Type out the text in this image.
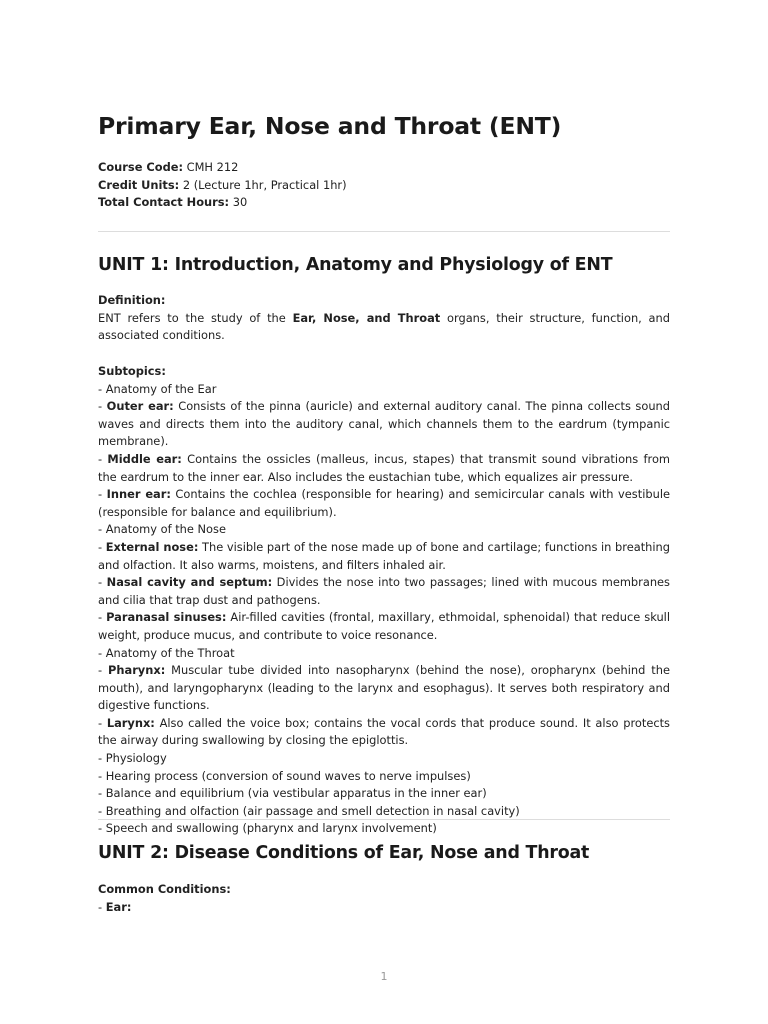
Primary Ear, Nose and Throat (ENT)
Course Code: CMH 212
Credit Units: 2 (Lecture 1hr, Practical 1hr)
Total Contact Hours: 30
UNIT 1: Introduction, Anatomy and Physiology of ENT
Definition:
ENT refers to the study of the Ear, Nose, and Throat organs, their structure, function, and associated conditions.
Subtopics:
- Anatomy of the Ear
- Outer ear: Consists of the pinna (auricle) and external auditory canal. The pinna collects sound waves and directs them into the auditory canal, which channels them to the eardrum (tympanic membrane).
- Middle ear: Contains the ossicles (malleus, incus, stapes) that transmit sound vibrations from the eardrum to the inner ear. Also includes the eustachian tube, which equalizes air pressure.
- Inner ear: Contains the cochlea (responsible for hearing) and semicircular canals with vestibule (responsible for balance and equilibrium).
- Anatomy of the Nose
- External nose: The visible part of the nose made up of bone and cartilage; functions in breathing and olfaction. It also warms, moistens, and filters inhaled air.
- Nasal cavity and septum: Divides the nose into two passages; lined with mucous membranes and cilia that trap dust and pathogens.
- Paranasal sinuses: Air-filled cavities (frontal, maxillary, ethmoidal, sphenoidal) that reduce skull weight, produce mucus, and contribute to voice resonance.
- Anatomy of the Throat
- Pharynx: Muscular tube divided into nasopharynx (behind the nose), oropharynx (behind the mouth), and laryngopharynx (leading to the larynx and esophagus). It serves both respiratory and digestive functions.
- Larynx: Also called the voice box; contains the vocal cords that produce sound. It also protects the airway during swallowing by closing the epiglottis.
- Physiology
- Hearing process (conversion of sound waves to nerve impulses)
- Balance and equilibrium (via vestibular apparatus in the inner ear)
- Breathing and olfaction (air passage and smell detection in nasal cavity)
- Speech and swallowing (pharynx and larynx involvement)
UNIT 2: Disease Conditions of Ear, Nose and Throat
Common Conditions:
- Ear:
1
